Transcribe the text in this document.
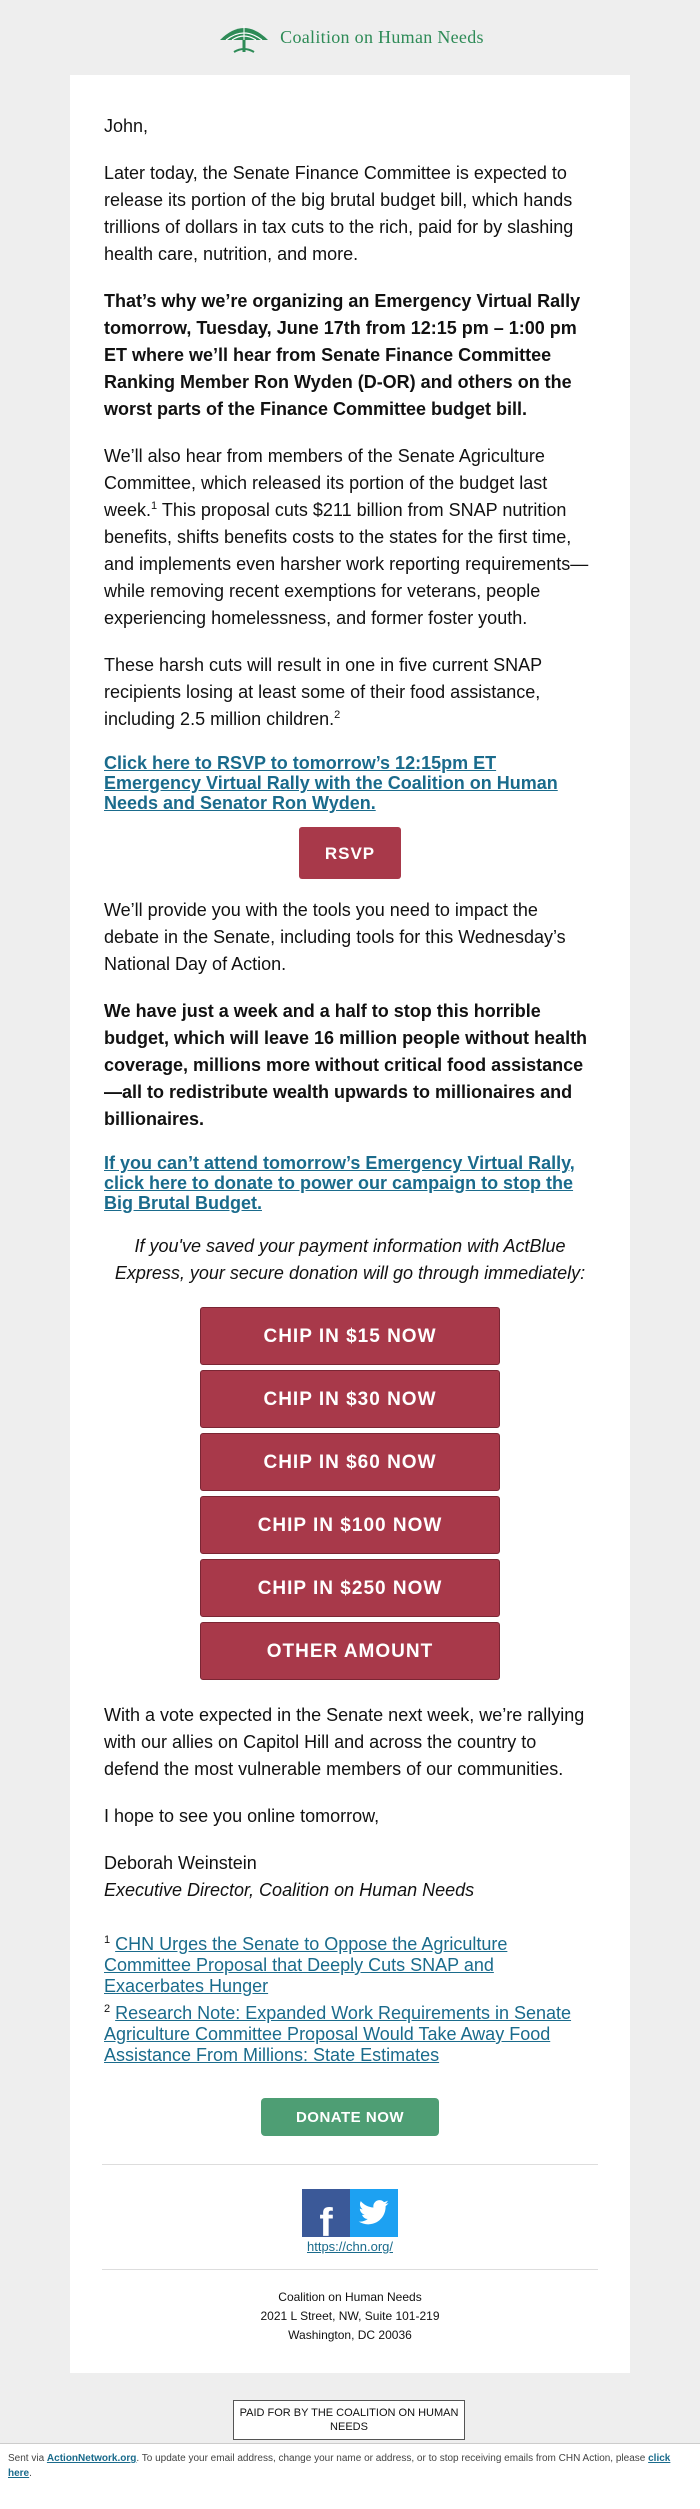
Coalition on Human Needs

John,

Later today, the Senate Finance Committee is expected to release its portion of the big brutal budget bill, which hands trillions of dollars in tax cuts to the rich, paid for by slashing health care, nutrition, and more.

That’s why we’re organizing an Emergency Virtual Rally tomorrow, Tuesday, June 17th from 12:15 pm – 1:00 pm ET where we’ll hear from Senate Finance Committee Ranking Member Ron Wyden (D-OR) and others on the worst parts of the Finance Committee budget bill.

We’ll also hear from members of the Senate Agriculture Committee, which released its portion of the budget last week.$^1$ This proposal cuts $211 billion from SNAP nutrition benefits, shifts benefits costs to the states for the first time, and implements even harsher work reporting requirements—while removing recent exemptions for veterans, people experiencing homelessness, and former foster youth.

These harsh cuts will result in one in five current SNAP recipients losing at least some of their food assistance, including 2.5 million children.$^2$

Click here to RSVP to tomorrow’s 12:15pm ET Emergency Virtual Rally with the Coalition on Human Needs and Senator Ron Wyden.
RSVP

We’ll provide you with the tools you need to impact the debate in the Senate, including tools for this Wednesday’s National Day of Action.

We have just a week and a half to stop this horrible budget, which will leave 16 million people without health coverage, millions more without critical food assistance—all to redistribute wealth upwards to millionaires and billionaires.

If you can’t attend tomorrow’s Emergency Virtual Rally, click here to donate to power our campaign to stop the Big Brutal Budget.

If you've saved your payment information with ActBlue Express, your secure donation will go through immediately:

CHIP IN $15 NOW
CHIP IN $30 NOW
CHIP IN $60 NOW
CHIP IN $100 NOW
CHIP IN $250 NOW
OTHER AMOUNT

With a vote expected in the Senate next week, we’re rallying with our allies on Capitol Hill and across the country to defend the most vulnerable members of our communities.

I hope to see you online tomorrow,

Deborah Weinstein

Executive Director, Coalition on Human Needs

$^1$ CHN Urges the Senate to Oppose the Agriculture Committee Proposal that Deeply Cuts SNAP and Exacerbates Hunger

$^2$ Research Note: Expanded Work Requirements in Senate Agriculture Committee Proposal Would Take Away Food Assistance From Millions: State Estimates

DONATE NOW
f
https://chn.org/
Coalition on Human Needs
2021 L Street, NW, Suite 101-219
Washington, DC 20036
PAID FOR BY THE COALITION ON HUMAN NEEDS
Sent via ActionNetwork.org. To update your email address, change your name or address, or to stop receiving emails from CHN Action, please click here.
